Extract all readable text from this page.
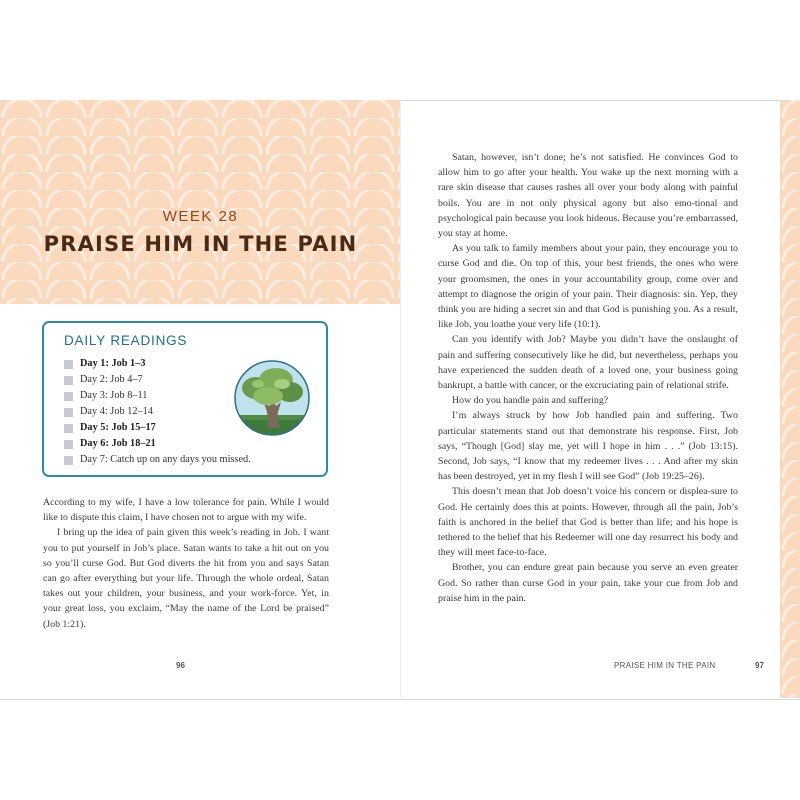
WEEK 28
PRAISE HIM IN THE PAIN
DAILY READINGS
Day 1: Job 1–3
Day 2: Job 4–7
Day 3: Job 8–11
Day 4: Job 12–14
Day 5: Job 15–17
Day 6: Job 18–21
Day 7: Catch up on any days you missed.

According to my wife, I have a low tolerance for pain. While I would like to dispute this claim, I have chosen not to argue with my wife.

I bring up the idea of pain given this week’s reading in Job. I want you to put yourself in Job’s place. Satan wants to take a hit out on you so you’ll curse God. But God diverts the hit from you and says Satan can go after everything but your life. Through the whole ordeal, Satan takes out your children, your business, and your work-force. Yet, in your great loss, you exclaim, “May the name of the Lord be praised” (Job 1:21).

Satan, however, isn’t done; he’s not satisfied. He convinces God to allow him to go after your health. You wake up the next morning with a rare skin disease that causes rashes all over your body along with painful boils. You are in not only physical agony but also emo-tional and psychological pain because you look hideous. Because you’re embarrassed, you stay at home.

As you talk to family members about your pain, they encourage you to curse God and die. On top of this, your best friends, the ones who were your groomsmen, the ones in your accountability group, come over and attempt to diagnose the origin of your pain. Their diagnosis: sin. Yep, they think you are hiding a secret sin and that God is punishing you. As a result, like Job, you loathe your very life (10:1).

Can you identify with Job? Maybe you didn’t have the onslaught of pain and suffering consecutively like he did, but nevertheless, perhaps you have experienced the sudden death of a loved one, your business going bankrupt, a battle with cancer, or the excruciating pain of relational strife.

How do you handle pain and suffering?

I’m always struck by how Job handled pain and suffering. Two particular statements stand out that demonstrate his response. First, Job says, “Though [God] slay me, yet will I hope in him . . .” (Job 13:15). Second, Job says, “I know that my redeemer lives . . . And after my skin has been destroyed, yet in my flesh I will see God” (Job 19:25–26).

This doesn’t mean that Job doesn’t voice his concern or displea-sure to God. He certainly does this at points. However, through all the pain, Job’s faith is anchored in the belief that God is better than life; and his hope is tethered to the belief that his Redeemer will one day resurrect his body and they will meet face-to-face.

Brother, you can endure great pain because you serve an even greater God. So rather than curse God in your pain, take your cue from Job and praise him in the pain.

96	PRAISE HIM IN THE PAIN	97
